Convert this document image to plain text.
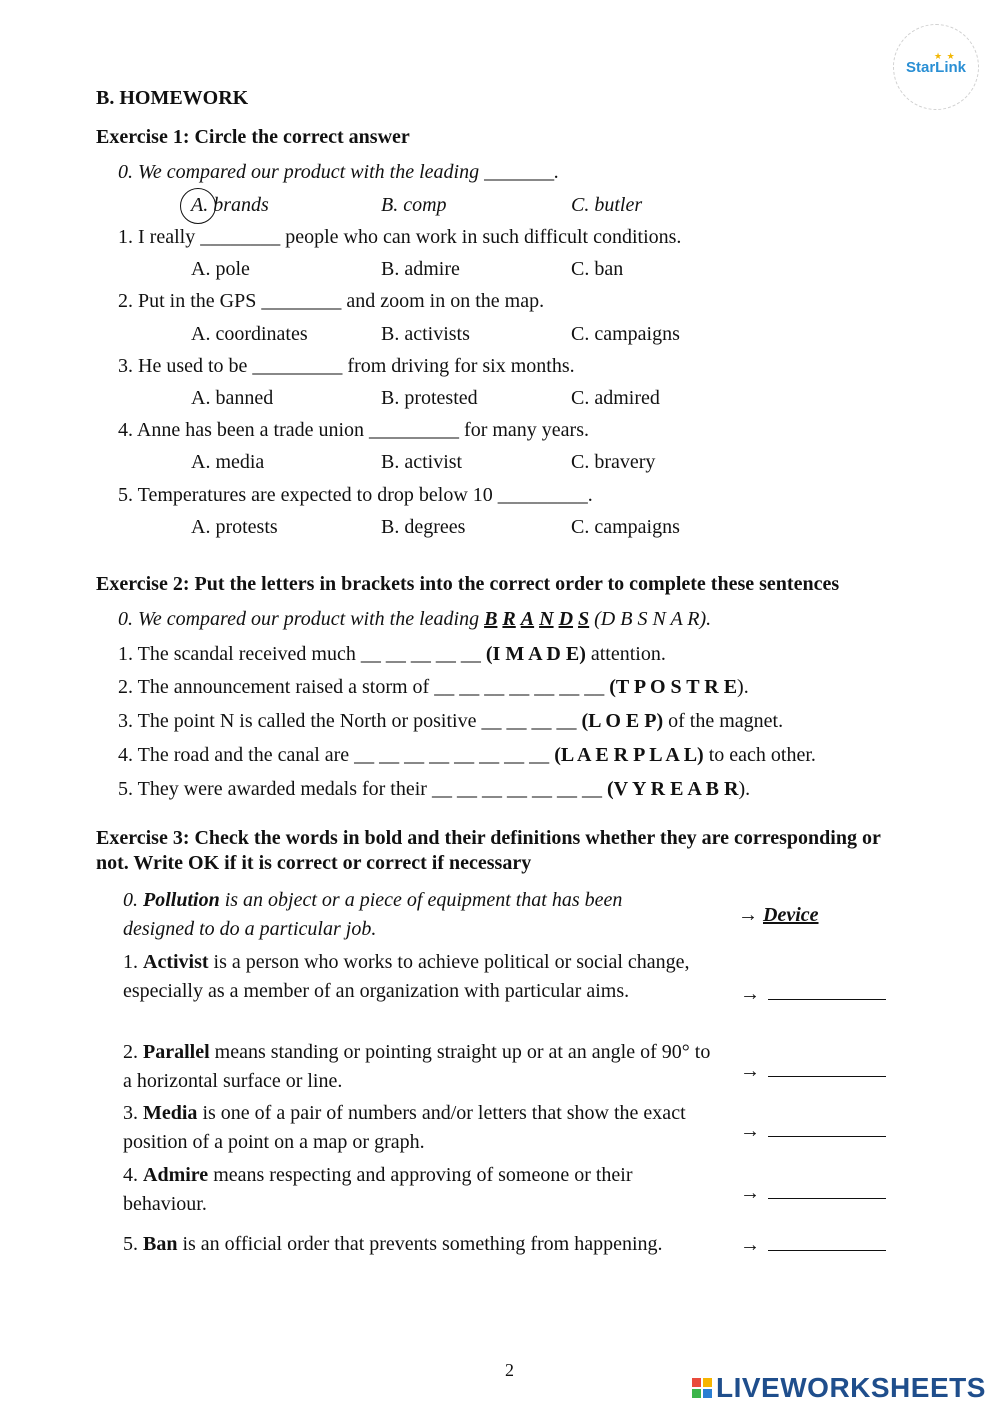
★ ★
StarLink
B. HOMEWORK
Exercise 1: Circle the correct answer
0. We compared our product with the leading _______.
A. brands	B. comp	C. butler
1. I really ________ people who can work in such difficult conditions.
A. pole	B. admire	C. ban
2. Put in the GPS ________ and zoom in on the map.
A. coordinates	B. activists	C. campaigns
3. He used to be _________ from driving for six months.
A. banned	B. protested	C. admired
4. Anne has been a trade union _________ for many years.
A. media	B. activist	C. bravery
5. Temperatures are expected to drop below 10 _________.
A. protests	B. degrees	C. campaigns
Exercise 2: Put the letters in brackets into the correct order to complete these sentences
0. We compared our product with the leading B R A N D S (D B S N A R).
1. The scandal received much __ __ __ __ __ (I M A D E) attention.
2. The announcement raised a storm of __ __ __ __ __ __ __ (T P O S T R E).
3. The point N is called the North or positive __ __ __ __ (L O E P) of the magnet.
4. The road and the canal are __ __ __ __ __ __ __ __ (L A E R P L A L) to each other.
5. They were awarded medals for their __ __ __ __ __ __ __ (V Y R E A B R).
Exercise 3: Check the words in bold and their definitions whether they are corresponding or
not. Write OK if it is correct or correct if necessary
0. Pollution is an object or a piece of equipment that has been designed to do a particular job.
→ Device
1. Activist is a person who works to achieve political or social change, especially as a member of an organization with particular aims.	→
2. Parallel means standing or pointing straight up or at an angle of 90° to a horizontal surface or line.	→
3. Media is one of a pair of numbers and/or letters that show the exact position of a point on a map or graph.	→
4. Admire means respecting and approving of someone or their behaviour.	→
5. Ban is an official order that prevents something from happening.	→
2
LIVEWORKSHEETS
